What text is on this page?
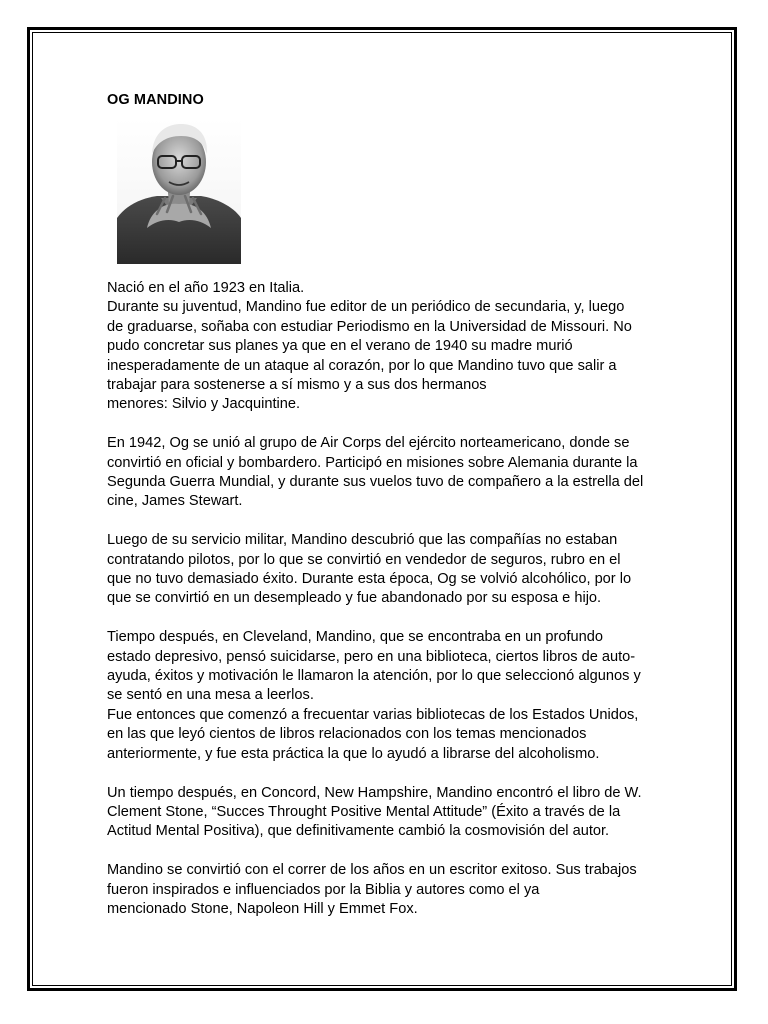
OG MANDINO
Nació en el año 1923 en Italia.
Durante su juventud, Mandino fue editor de un periódico de secundaria, y, luego
de graduarse, soñaba con estudiar Periodismo en la Universidad de Missouri. No
pudo concretar sus planes ya que en el verano de 1940 su madre murió
inesperadamente de un ataque al corazón, por lo que Mandino tuvo que salir a
trabajar para sostenerse a sí mismo y a sus dos hermanos
menores: Silvio y Jacquintine.
En 1942, Og se unió al grupo de Air Corps del ejército norteamericano, donde se
convirtió en oficial y bombardero. Participó en misiones sobre Alemania durante la
Segunda Guerra Mundial, y durante sus vuelos tuvo de compañero a la estrella del
cine, James Stewart.
Luego de su servicio militar, Mandino descubrió que las compañías no estaban
contratando pilotos, por lo que se convirtió en vendedor de seguros, rubro en el
que no tuvo demasiado éxito. Durante esta época, Og se volvió alcohólico, por lo
que se convirtió en un desempleado y fue abandonado por su esposa e hijo.
Tiempo después, en Cleveland, Mandino, que se encontraba en un profundo
estado depresivo, pensó suicidarse, pero en una biblioteca, ciertos libros de auto-
ayuda, éxitos y motivación le llamaron la atención, por lo que seleccionó algunos y
se sentó en una mesa a leerlos.
Fue entonces que comenzó a frecuentar varias bibliotecas de los Estados Unidos,
en las que leyó cientos de libros relacionados con los temas mencionados
anteriormente, y fue esta práctica la que lo ayudó a librarse del alcoholismo.
Un tiempo después, en Concord, New Hampshire, Mandino encontró el libro de W.
Clement Stone, “Succes Throught Positive Mental Attitude” (Éxito a través de la
Actitud Mental Positiva), que definitivamente cambió la cosmovisión del autor.
Mandino se convirtió con el correr de los años en un escritor exitoso. Sus trabajos
fueron inspirados e influenciados por la Biblia y autores como el ya
mencionado Stone, Napoleon Hill y Emmet Fox.
